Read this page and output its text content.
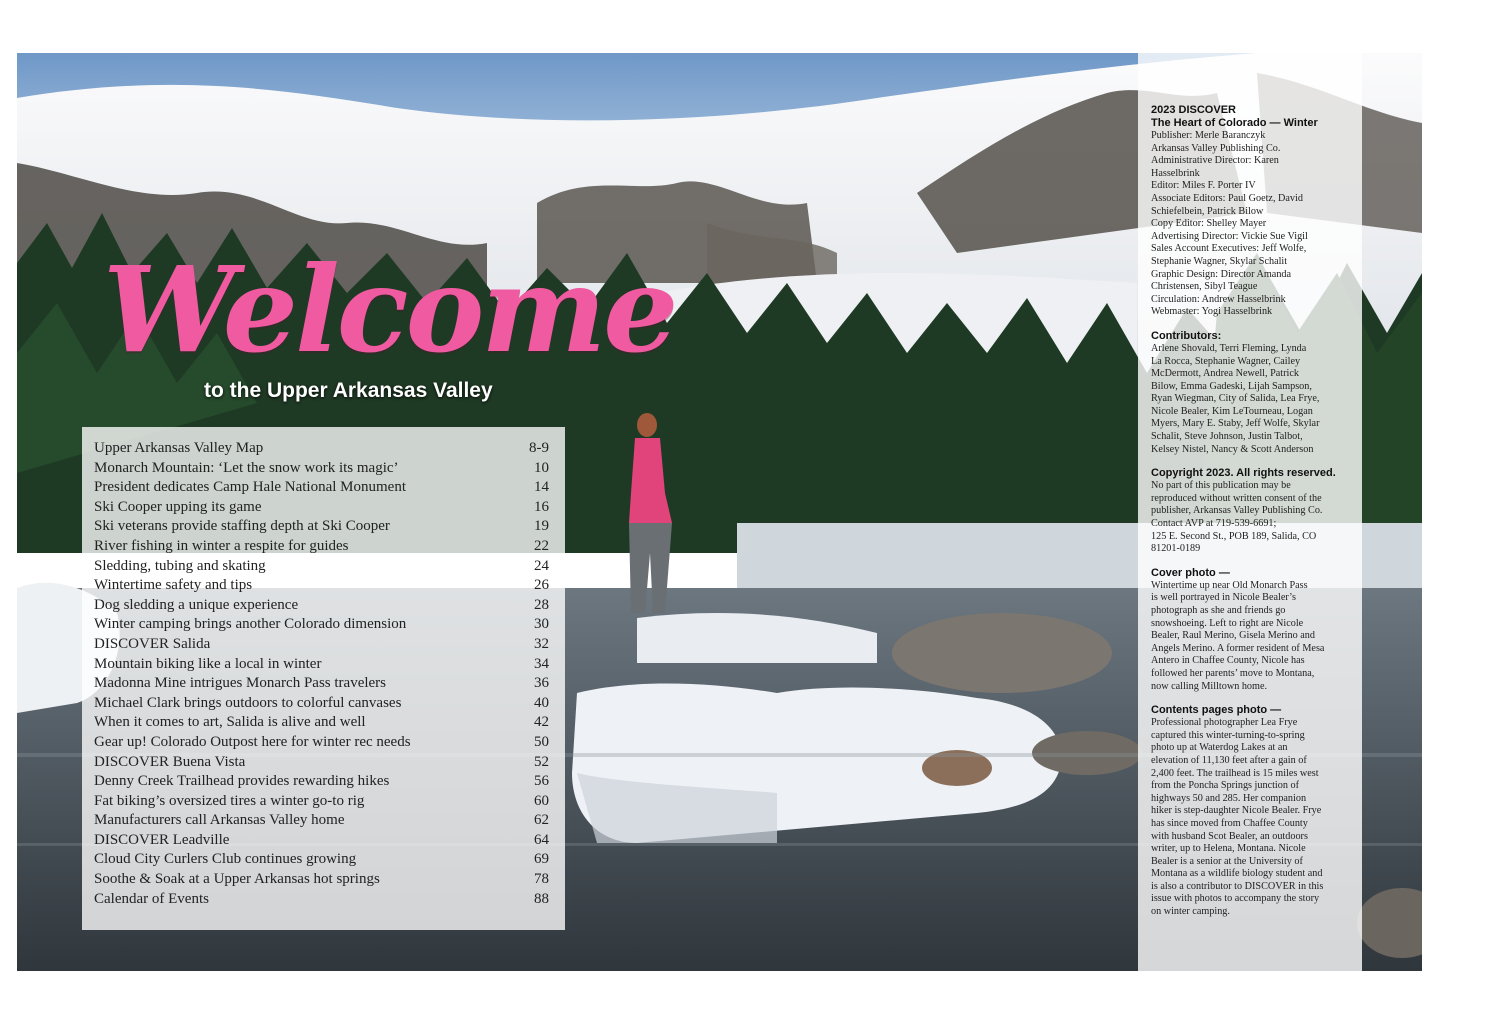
Welcome
to the Upper Arkansas Valley
Upper Arkansas Valley Map	8-9
Monarch Mountain: ‘Let the snow work its magic’	10
President dedicates Camp Hale National Monument	14
Ski Cooper upping its game	16
Ski veterans provide staffing depth at Ski Cooper	19
River fishing in winter a respite for guides	22
Sledding, tubing and skating	24
Wintertime safety and tips	26
Dog sledding a unique experience	28
Winter camping brings another Colorado dimension	30
DISCOVER Salida	32
Mountain biking like a local in winter	34
Madonna Mine intrigues Monarch Pass travelers	36
Michael Clark brings outdoors to colorful canvases	40
When it comes to art, Salida is alive and well	42
Gear up! Colorado Outpost here for winter rec needs	50
DISCOVER Buena Vista	52
Denny Creek Trailhead provides rewarding hikes	56
Fat biking’s oversized tires a winter go-to rig	60
Manufacturers call Arkansas Valley home	62
DISCOVER Leadville	64
Cloud City Curlers Club continues growing	69
Soothe & Soak at a Upper Arkansas hot springs	78
Calendar of Events	88
2023 DISCOVER
The Heart of Colorado — Winter
Publisher: Merle Baranczyk
Arkansas Valley Publishing Co.
Administrative Director: Karen
Hasselbrink
Editor: Miles F. Porter IV
Associate Editors: Paul Goetz, David
Schiefelbein, Patrick Bilow
Copy Editor: Shelley Mayer
Advertising Director: Vickie Sue Vigil
Sales Account Executives: Jeff Wolfe,
Stephanie Wagner, Skylar Schalit
Graphic Design: Director Amanda
Christensen, Sibyl Teague
Circulation: Andrew Hasselbrink
Webmaster: Yogi Hasselbrink
Contributors:
Arlene Shovald, Terri Fleming, Lynda
La Rocca, Stephanie Wagner, Cailey
McDermott, Andrea Newell, Patrick
Bilow, Emma Gadeski, Lijah Sampson,
Ryan Wiegman, City of Salida, Lea Frye,
Nicole Bealer, Kim LeTourneau, Logan
Myers, Mary E. Staby, Jeff Wolfe, Skylar
Schalit, Steve Johnson, Justin Talbot,
Kelsey Nistel, Nancy & Scott Anderson
Copyright 2023. All rights reserved.
No part of this publication may be
reproduced without written consent of the
publisher, Arkansas Valley Publishing Co.
Contact AVP at 719-539-6691;
125 E. Second St., POB 189, Salida, CO
81201-0189
Cover photo —
Wintertime up near Old Monarch Pass
is well portrayed in Nicole Bealer’s
photograph as she and friends go
snowshoeing. Left to right are Nicole
Bealer, Raul Merino, Gisela Merino and
Angels Merino. A former resident of Mesa
Antero in Chaffee County, Nicole has
followed her parents’ move to Montana,
now calling Milltown home.
Contents pages photo —
Professional photographer Lea Frye
captured this winter-turning-to-spring
photo up at Waterdog Lakes at an
elevation of 11,130 feet after a gain of
2,400 feet. The trailhead is 15 miles west
from the Poncha Springs junction of
highways 50 and 285. Her companion
hiker is step-daughter Nicole Bealer. Frye
has since moved from Chaffee County
with husband Scot Bealer, an outdoors
writer, up to Helena, Montana. Nicole
Bealer is a senior at the University of
Montana as a wildlife biology student and
is also a contributor to DISCOVER in this
issue with photos to accompany the story
on winter camping.
